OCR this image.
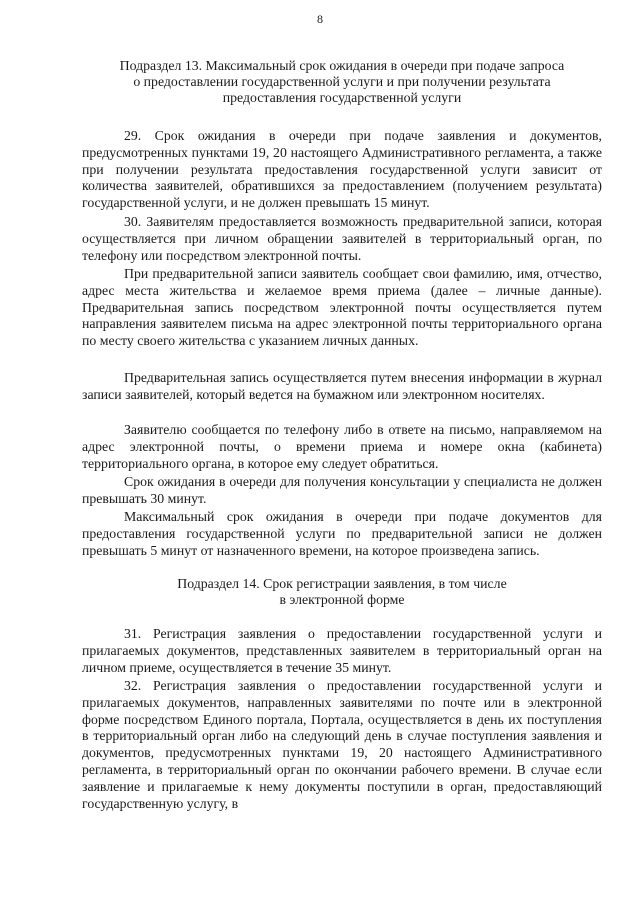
8
Подраздел 13. Максимальный срок ожидания в очереди при подаче запроса
о предоставлении государственной услуги и при получении результата
предоставления государственной услуги

29. Срок ожидания в очереди при подаче заявления и документов, предусмотренных пунктами 19, 20 настоящего Административного регламента, а также при получении результата предоставления государственной услуги зависит от количества заявителей, обратившихся за предоставлением (получением результата) государственной услуги, и не должен превышать 15 минут.

30. Заявителям предоставляется возможность предварительной записи, которая осуществляется при личном обращении заявителей в территориальный орган, по телефону или посредством электронной почты.

При предварительной записи заявитель сообщает свои фамилию, имя, отчество, адрес места жительства и желаемое время приема (далее – личные данные). Предварительная запись посредством электронной почты осуществляется путем направления заявителем письма на адрес электронной почты территориального органа по месту своего жительства с указанием личных данных.

Предварительная запись осуществляется путем внесения информации в журнал записи заявителей, который ведется на бумажном или электронном носителях.

Заявителю сообщается по телефону либо в ответе на письмо, направляемом на адрес электронной почты, о времени приема и номере окна (кабинета) территориального органа, в которое ему следует обратиться.

Срок ожидания в очереди для получения консультации у специалиста не должен превышать 30 минут.

Максимальный срок ожидания в очереди при подаче документов для предоставления государственной услуги по предварительной записи не должен превышать 5 минут от назначенного времени, на которое произведена запись.

Подраздел 14. Срок регистрации заявления, в том числе
в электронной форме

31. Регистрация заявления о предоставлении государственной услуги и прилагаемых документов, представленных заявителем в территориальный орган на личном приеме, осуществляется в течение 35 минут.

32. Регистрация заявления о предоставлении государственной услуги и прилагаемых документов, направленных заявителями по почте или в электронной форме посредством Единого портала, Портала, осуществляется в день их поступления в территориальный орган либо на следующий день в случае поступления заявления и документов, предусмотренных пунктами 19, 20 настоящего Административного регламента, в территориальный орган по окончании рабочего времени. В случае если заявление и прилагаемые к нему документы поступили в орган, предоставляющий государственную услугу, в
